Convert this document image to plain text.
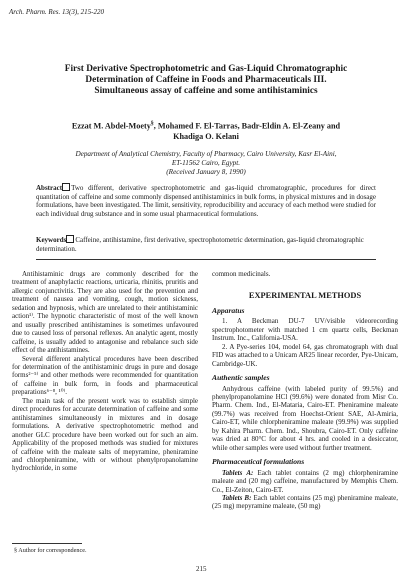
Arch. Pharm. Res. 13(3), 215-220
First Derivative Spectrophotometric and Gas-Liquid Chromatographic
Determination of Caffeine in Foods and Pharmaceuticals III.
Simultaneous assay of caffeine and some antihistaminics
Ezzat M. Abdel-Moety§, Mohamed F. El-Tarras, Badr-Eldin A. El-Zeany and
Khadiga O. Kelani
Department of Analytical Chemistry, Faculty of Pharmacy, Cairo University, Kasr El-Aini,
ET-11562 Cairo, Egypt.
(Received January 8, 1990)
Abstract Two different, derivative spectrophotometric and gas-liquid chromatographic, procedures for direct quantitation of caffeine and some commonly dispensed antihistaminics in bulk forms, in physical mixtures and in dosage formulations, have been investigated. The limit, sensitivity, reproducibility and accuracy of each method were studied for each individual drug substance and in some usual pharmaceutical formulations.
Keywords Caffeine, antihistamine, first derivative, spectrophotometric determination, gas-liquid chromatographic determination.

Antihistaminic drugs are commonly described for the treatment of anaphylactic reactions, urticaria, rhinitis, pruritis and allergic conjunctivitis. They are also used for the prevention and treatment of nausea and vomiting, cough, motion sickness, sedation and hypnosis, which are unrelated to their antihistaminic action¹⁾. The hypnotic characteristic of most of the well known and usually prescribed antihistamines is sometimes unfavoured due to caused loss of personal reflexes. An analytic agent, mostly caffeine, is usually added to antagonise and rebalance such side effect of the antihistamines.

Several different analytical procedures have been described for determination of the antihistaminic drugs in pure and dosage forms²⁻⁵⁾ and other methods were recommended for quantitation of caffeine in bulk form, in foods and pharmaceutical preparations⁶⁻⁸, ¹⁰⁾.

The main task of the present work was to establish simple direct procedures for accurate determination of caffeine and some antihistamines simultaneously in mixtures and in dosage formulations. A derivative spectrophotometric method and another GLC procedure have been worked out for such an aim. Applicability of the proposed methods was studied for mixtures of caffeine with the maleate salts of mepyramine, pheniramine and chlorpheniramine, with or without phenylpropanolamine hydrochloride, in some

common medicinals.

EXPERIMENTAL METHODS
Apparatus

1. A Beckman DU-7 UV/visible videorecording spectrophotometer with matched 1 cm quartz cells, Beckman Instrum. Inc., California-USA.

2. A Pye-series 104, model 64, gas chromatograph with dual FID was attached to a Unicam AR25 linear recorder, Pye-Unicam, Cambridge-UK.

Authentic samples

Anhydrous caffeine (with labeled purity of 99.5%) and phenylpropanolamine HCl (99.6%) were donated from Misr Co. Pharm. Chem. Ind., El-Mataria, Cairo-ET. Pheniramine maleate (99.7%) was received from Hoechst-Orient SAE, Al-Amiria, Cairo-ET, while chlorpheniramine maleate (99.9%) was supplied by Kahira Pharm. Chem. Ind., Shoubra, Cairo-ET. Only caffeine was dried at 80°C for about 4 hrs. and cooled in a desiccator, while other samples were used without further treatment.

Pharmaceutical formulations

Tablets A: Each tablet contains (2 mg) chlorpheniramine maleate and (20 mg) caffeine, manufactured by Memphis Chem. Co., El-Zeiton, Cairo-ET.

Tablets B: Each tablet contains (25 mg) pheniramine maleate, (25 mg) mepyramine maleate, (50 mg)

§ Author for correspondence.
215
